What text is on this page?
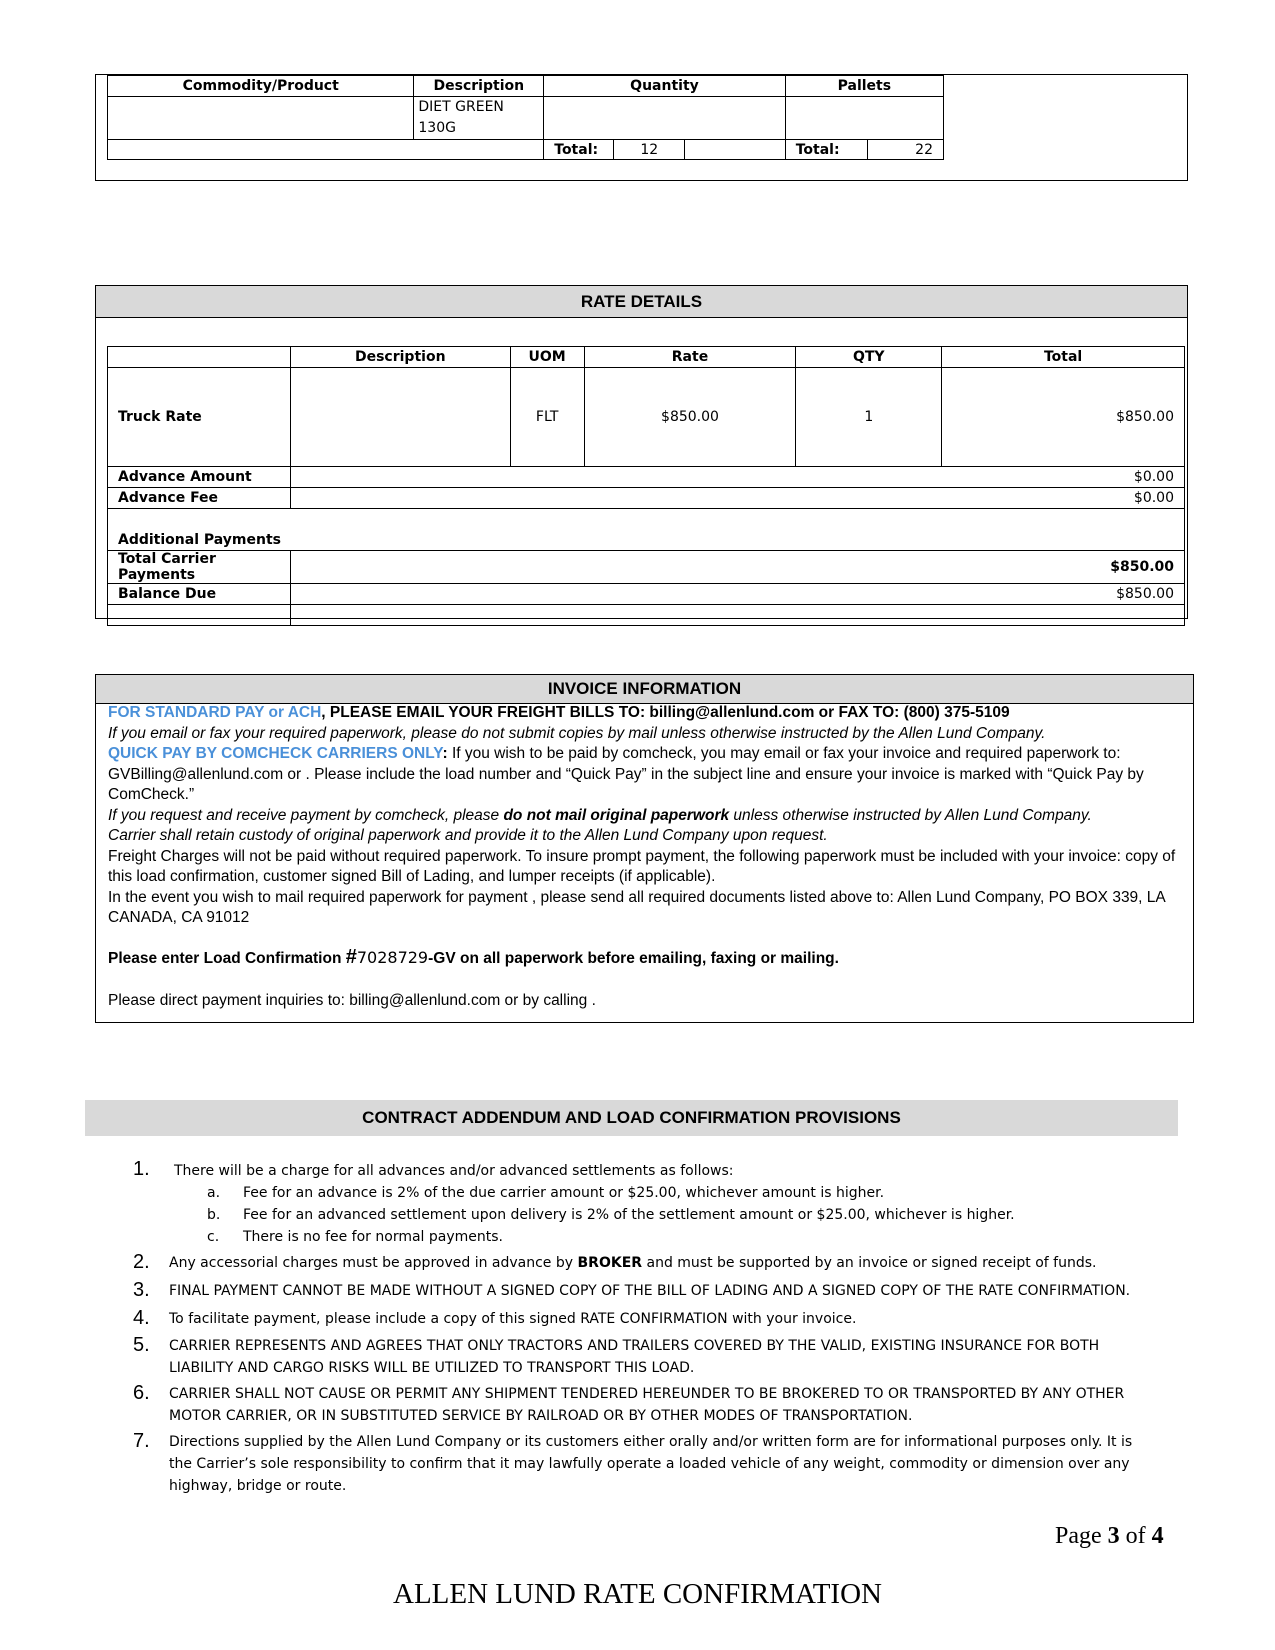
Commodity/Product	Description	Quantity			Pallets	

	DIET GREEN
130G					

		Total:	12		Total:	22
RATE DETAILS
	Description	UOM	Rate	QTY	Total
Truck Rate		FLT	$850.00	1	$850.00
Advance Amount	$0.00				
Advance Fee	$0.00				
Additional Payments					
Total Carrier Payments	$850.00				
Balance Due	$850.00				

INVOICE INFORMATION
FOR STANDARD PAY or ACH, PLEASE EMAIL YOUR FREIGHT BILLS TO: billing@allenlund.com or FAX TO: (800) 375-5109
If you email or fax your required paperwork, please do not submit copies by mail unless otherwise instructed by the Allen Lund Company.
QUICK PAY BY COMCHECK CARRIERS ONLY: If you wish to be paid by comcheck, you may email or fax your invoice and required paperwork to: GVBilling@allenlund.com or . Please include the load number and “Quick Pay” in the subject line and ensure your invoice is marked with “Quick Pay by ComCheck.”
If you request and receive payment by comcheck, please do not mail original paperwork unless otherwise instructed by Allen Lund Company.
Carrier shall retain custody of original paperwork and provide it to the Allen Lund Company upon request.
Freight Charges will not be paid without required paperwork. To insure prompt payment, the following paperwork must be included with your invoice: copy of this load confirmation, customer signed Bill of Lading, and lumper receipts (if applicable).
In the event you wish to mail required paperwork for payment , please send all required documents listed above to: Allen Lund Company, PO BOX 339, LA CANADA, CA 91012
Please enter Load Confirmation #7028729-GV on all paperwork before emailing, faxing or mailing.
Please direct payment inquiries to: billing@allenlund.com or by calling .
CONTRACT ADDENDUM AND LOAD CONFIRMATION PROVISIONS
1. There will be a charge for all advances and/or advanced settlements as follows:
a. Fee for an advance is 2% of the due carrier amount or $25.00, whichever amount is higher.
b. Fee for an advanced settlement upon delivery is 2% of the settlement amount or $25.00, whichever is higher.
c. There is no fee for normal payments.
2. Any accessorial charges must be approved in advance by BROKER and must be supported by an invoice or signed receipt of funds.
3. FINAL PAYMENT CANNOT BE MADE WITHOUT A SIGNED COPY OF THE BILL OF LADING AND A SIGNED COPY OF THE RATE CONFIRMATION.
4. To facilitate payment, please include a copy of this signed RATE CONFIRMATION with your invoice.
5. CARRIER REPRESENTS AND AGREES THAT ONLY TRACTORS AND TRAILERS COVERED BY THE VALID, EXISTING INSURANCE FOR BOTH LIABILITY AND CARGO RISKS WILL BE UTILIZED TO TRANSPORT THIS LOAD.
6. CARRIER SHALL NOT CAUSE OR PERMIT ANY SHIPMENT TENDERED HEREUNDER TO BE BROKERED TO OR TRANSPORTED BY ANY OTHER MOTOR CARRIER, OR IN SUBSTITUTED SERVICE BY RAILROAD OR BY OTHER MODES OF TRANSPORTATION.
7. Directions supplied by the Allen Lund Company or its customers either orally and/or written form are for informational purposes only. It is the Carrier’s sole responsibility to confirm that it may lawfully operate a loaded vehicle of any weight, commodity or dimension over any highway, bridge or route.
Page 3 of 4
ALLEN LUND RATE CONFIRMATION
